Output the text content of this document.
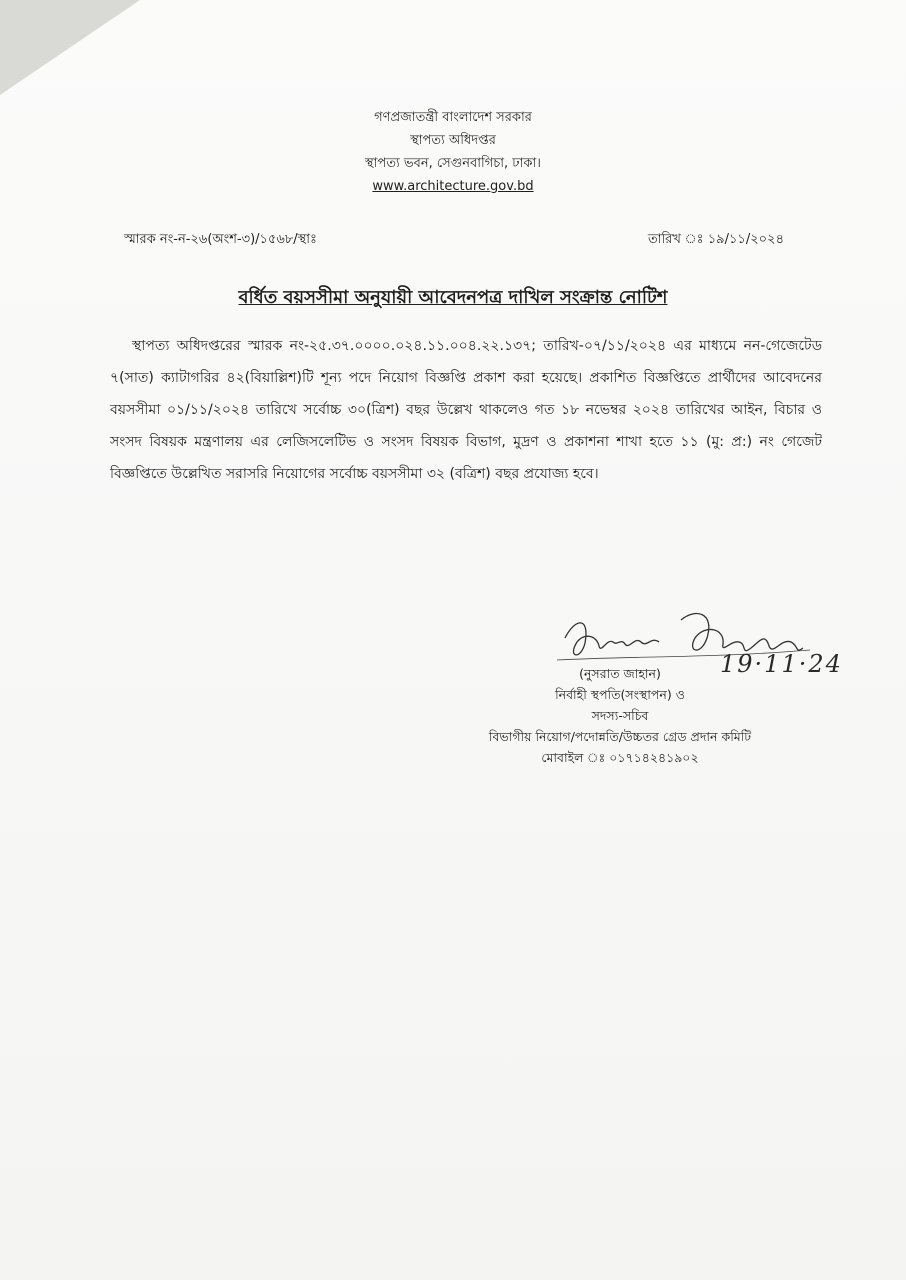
গণপ্রজাতন্ত্রী বাংলাদেশ সরকার
স্থাপত্য অধিদপ্তর
স্থাপত্য ভবন, সেগুনবাগিচা, ঢাকা।
www.architecture.gov.bd
স্মারক নং-ন-২৬(অংশ-৩)/১৫৬৮/স্থাঃ	তারিখ ঃ ১৯/১১/২০২৪
বর্ধিত বয়সসীমা অনুযায়ী আবেদনপত্র দাখিল সংক্রান্ত নোটিশ

স্থাপত্য অধিদপ্তরের স্মারক নং-২৫.৩৭.০০০০.০২৪.১১.০০৪.২২.১৩৭; তারিখ-০৭/১১/২০২৪ এর মাধ্যমে নন-গেজেটেড ৭(সাত) ক্যাটাগরির ৪২(বিয়াল্লিশ)টি শূন্য পদে নিয়োগ বিজ্ঞপ্তি প্রকাশ করা হয়েছে। প্রকাশিত বিজ্ঞপ্তিতে প্রার্থীদের আবেদনের বয়সসীমা ০১/১১/২০২৪ তারিখে সর্বোচ্চ ৩০(ত্রিশ) বছর উল্লেখ থাকলেও গত ১৮ নভেম্বর ২০২৪ তারিখের আইন, বিচার ও সংসদ বিষয়ক মন্ত্রণালয় এর লেজিসলেটিভ ও সংসদ বিষয়ক বিভাগ, মুদ্রণ ও প্রকাশনা শাখা হতে ১১ (মু: প্র:) নং গেজেট বিজ্ঞপ্তিতে উল্লেখিত সরাসরি নিয়োগের সর্বোচ্চ বয়সসীমা ৩২ (বত্রিশ) বছর প্রযোজ্য হবে।

19·11·24
(নুসরাত জাহান)
নির্বাহী স্থপতি(সংস্থাপন) ও
সদস্য-সচিব
বিভাগীয় নিয়োগ/পদোন্নতি/উচ্চতর গ্রেড প্রদান কমিটি
মোবাইল ঃ ০১৭১৪২৪১৯০২
